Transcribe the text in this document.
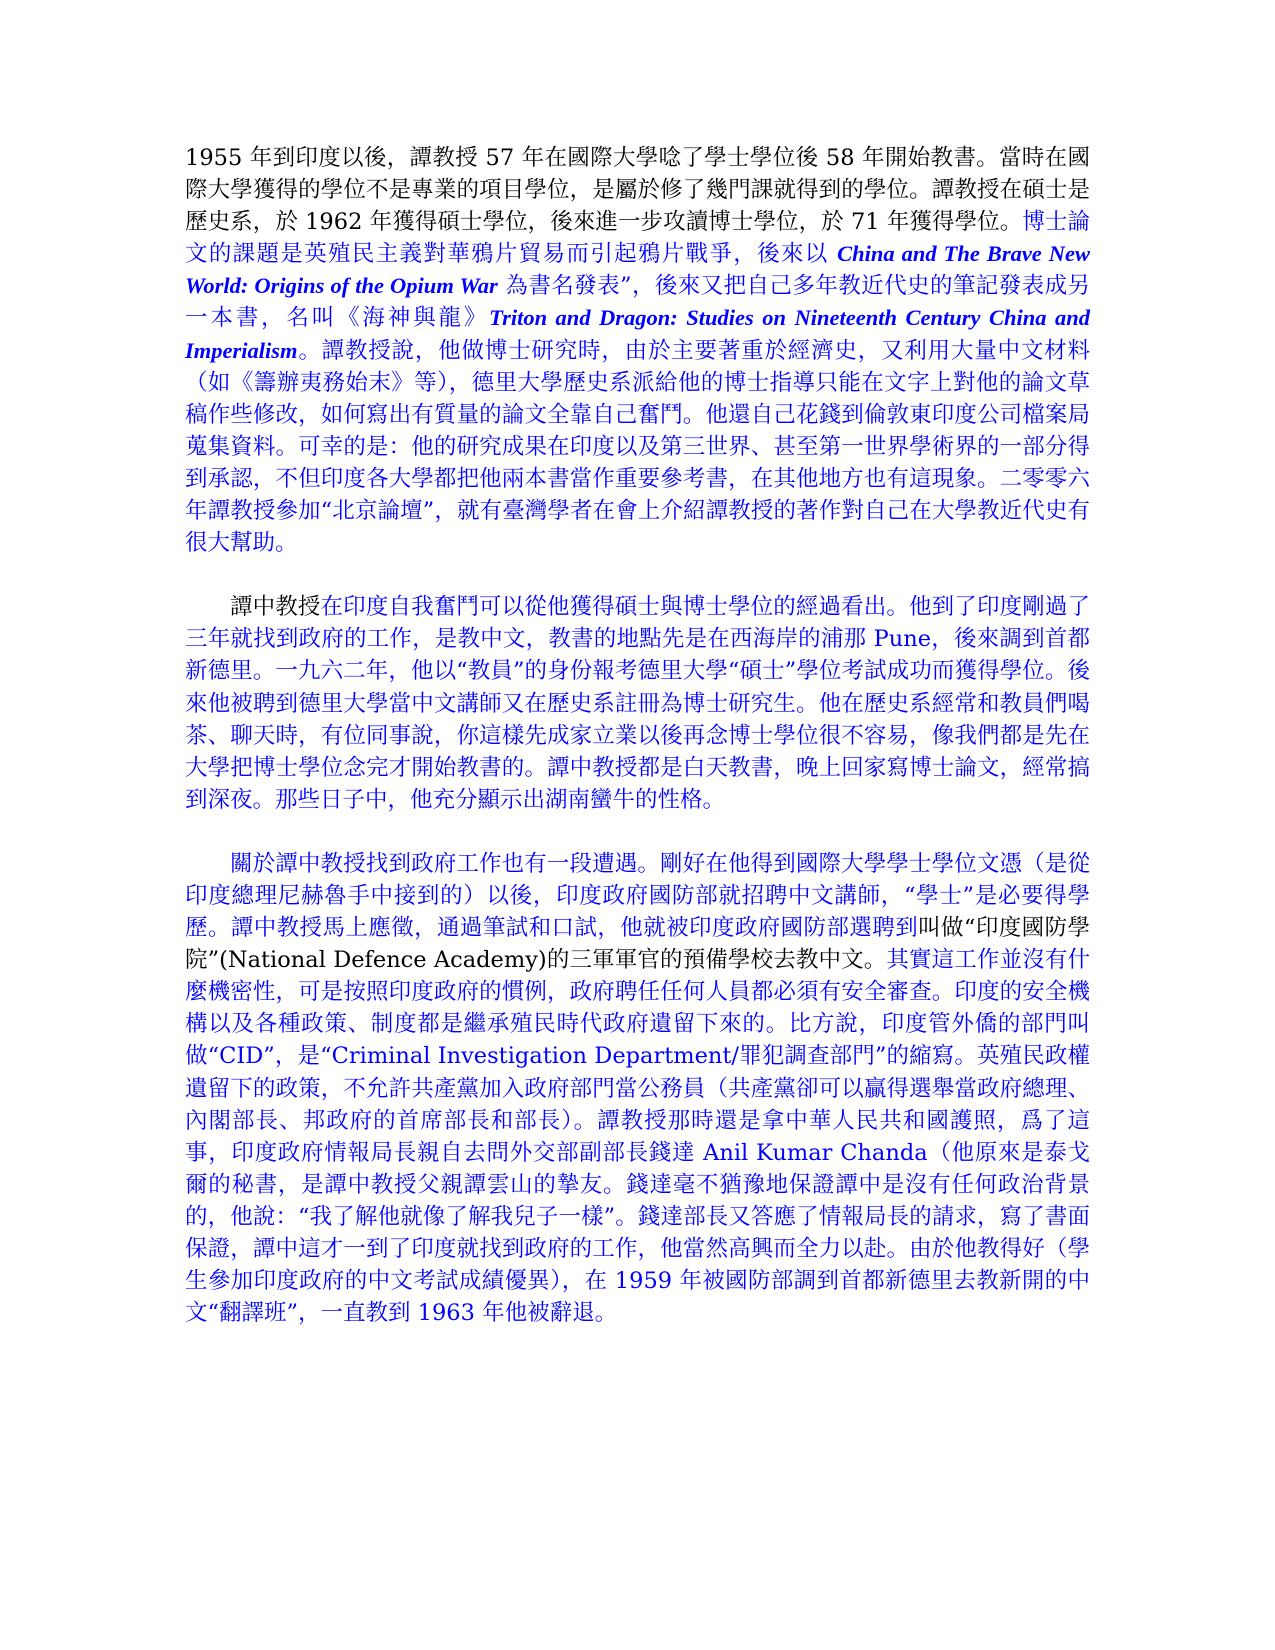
1955 年到印度以後，譚教授 57 年在國際大學唸了學士學位後 58 年開始教書。當時在國際大學獲得的學位不是專業的項目學位，是屬於修了幾門課就得到的學位。譚教授在碩士是歷史系，於 1962 年獲得碩士學位，後來進一步攻讀博士學位，於 71 年獲得學位。博士論文的課題是英殖民主義對華鴉片貿易而引起鴉片戰爭，後來以 China and The Brave New World: Origins of the Opium War 為書名發表”，後來又把自己多年教近代史的筆記發表成另一本書，名叫《海神與龍》Triton and Dragon: Studies on Nineteenth Century China and Imperialism。譚教授說，他做博士研究時，由於主要著重於經濟史，又利用大量中文材料（如《籌辦夷務始末》等），德里大學歷史系派給他的博士指導只能在文字上對他的論文草稿作些修改，如何寫出有質量的論文全靠自己奮鬥。他還自己花錢到倫敦東印度公司檔案局蒐集資料。可幸的是：他的研究成果在印度以及第三世界、甚至第一世界學術界的一部分得到承認，不但印度各大學都把他兩本書當作重要參考書，在其他地方也有這現象。二零零六年譚教授參加“北京論壇”，就有臺灣學者在會上介紹譚教授的著作對自己在大學教近代史有很大幫助。

譚中教授在印度自我奮鬥可以從他獲得碩士與博士學位的經過看出。他到了印度剛過了三年就找到政府的工作，是教中文，教書的地點先是在西海岸的浦那 Pune，後來調到首都新德里。一九六二年，他以“教員”的身份報考德里大學“碩士”學位考試成功而獲得學位。後來他被聘到德里大學當中文講師又在歷史系註冊為博士研究生。他在歷史系經常和教員們喝茶、聊天時，有位同事說，你這樣先成家立業以後再念博士學位很不容易，像我們都是先在大學把博士學位念完才開始教書的。譚中教授都是白天教書，晚上回家寫博士論文，經常搞到深夜。那些日子中，他充分顯示出湖南蠻牛的性格。

關於譚中教授找到政府工作也有一段遭遇。剛好在他得到國際大學學士學位文憑（是從印度總理尼赫魯手中接到的）以後，印度政府國防部就招聘中文講師，“學士”是必要得學歷。譚中教授馬上應徵，通過筆試和口試，他就被印度政府國防部選聘到叫做“印度國防學院”(National Defence Academy)的三軍軍官的預備學校去教中文。其實這工作並沒有什麼機密性，可是按照印度政府的慣例，政府聘任任何人員都必須有安全審查。印度的安全機構以及各種政策、制度都是繼承殖民時代政府遺留下來的。比方說，印度管外僑的部門叫做“CID”，是“Criminal Investigation Department/罪犯調查部門”的縮寫。英殖民政權遺留下的政策，不允許共產黨加入政府部門當公務員（共產黨卻可以贏得選舉當政府總理、內閣部長、邦政府的首席部長和部長）。譚教授那時還是拿中華人民共和國護照，爲了這事，印度政府情報局長親自去問外交部副部長錢達 Anil Kumar Chanda（他原來是泰戈爾的秘書，是譚中教授父親譚雲山的摯友。錢達毫不猶豫地保證譚中是沒有任何政治背景的，他說：“我了解他就像了解我兒子一樣”。錢達部長又答應了情報局長的請求，寫了書面保證，譚中這才一到了印度就找到政府的工作，他當然高興而全力以赴。由於他教得好（學生參加印度政府的中文考試成績優異），在 1959 年被國防部調到首都新德里去教新開的中文“翻譯班”，一直教到 1963 年他被辭退。
